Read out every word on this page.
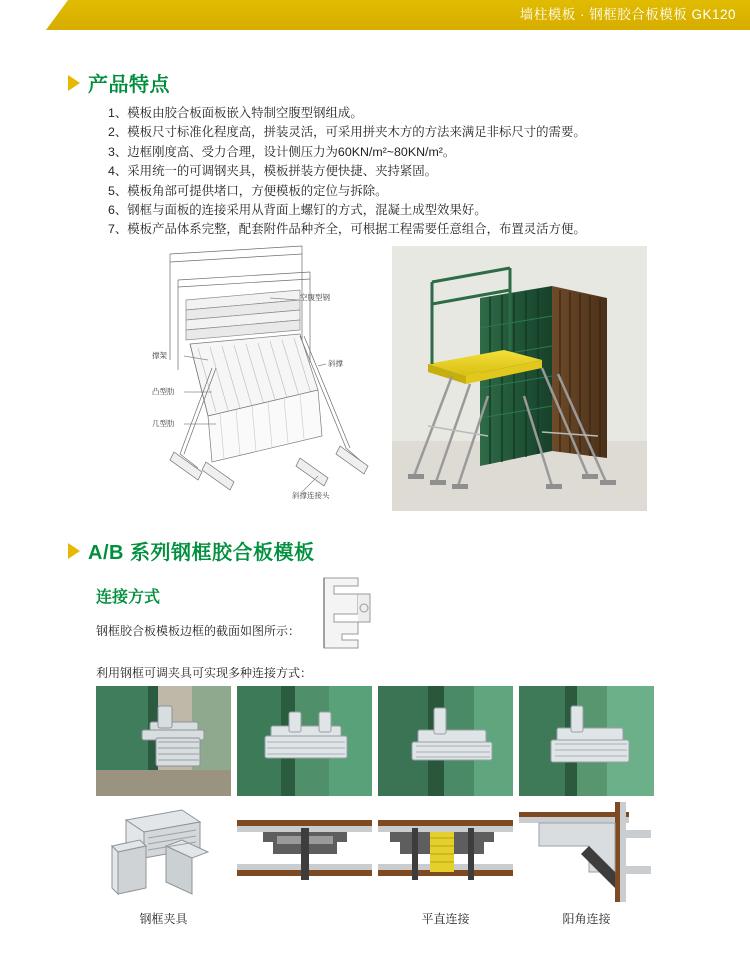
墙柱模板 · 钢框胶合板模板 GK120
产品特点
1、模板由胶合板面板嵌入特制空腹型钢组成。
2、模板尺寸标准化程度高，拼装灵活，可采用拼夹木方的方法来满足非标尺寸的需要。
3、边框刚度高、受力合理，设计侧压力为60KN/m²~80KN/m²。
4、采用统一的可调钢夹具，模板拼装方便快捷、夹持紧固。
5、模板角部可提供堵口，方便模板的定位与拆除。
6、钢框与面板的连接采用从背面上螺钉的方式，混凝土成型效果好。
7、模板产品体系完整，配套附件品种齐全，可根据工程需要任意组合，布置灵活方便。
空腹型钢
撑架
凸型肋
几型肋
斜撑
斜撑连接头
A/B 系列钢框胶合板模板
连接方式
钢框胶合板模板边框的截面如图所示：
利用钢框可调夹具可实现多种连接方式：
钢框夹具	平直连接	阳角连接
